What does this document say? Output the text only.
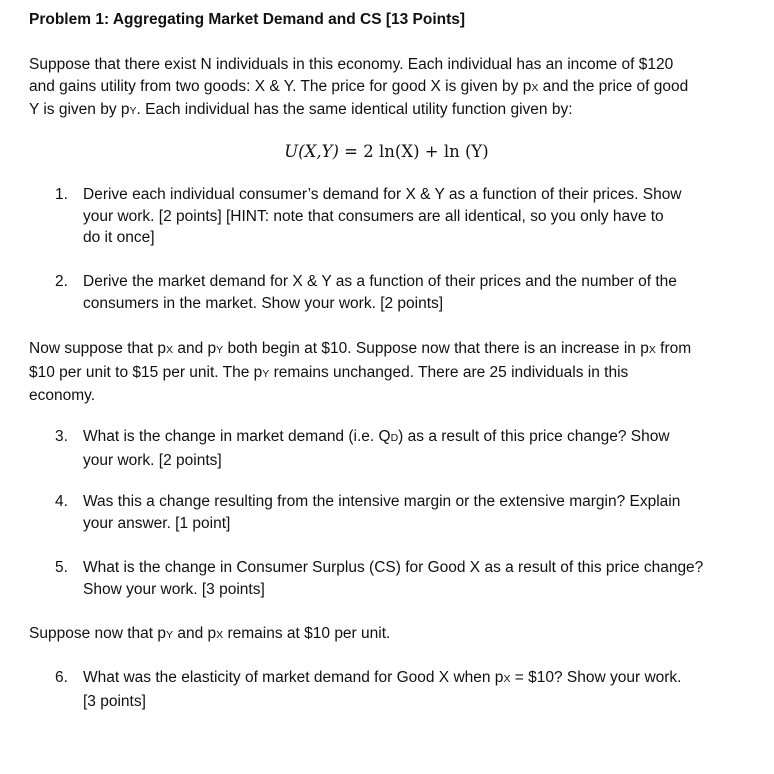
Problem 1: Aggregating Market Demand and CS [13 Points]
Suppose that there exist N individuals in this economy. Each individual has an income of $120
and gains utility from two goods: X & Y. The price for good X is given by pX and the price of good
Y is given by pY. Each individual has the same identical utility function given by:
U(X,Y) = 2 ln(X) + ln (Y)
1. Derive each individual consumer’s demand for X & Y as a function of their prices. Show
your work. [2 points] [HINT: note that consumers are all identical, so you only have to
do it once]
2. Derive the market demand for X & Y as a function of their prices and the number of the
consumers in the market. Show your work. [2 points]
Now suppose that pX and pY both begin at $10. Suppose now that there is an increase in pX from
$10 per unit to $15 per unit. The pY remains unchanged. There are 25 individuals in this
economy.
3. What is the change in market demand (i.e. QD) as a result of this price change? Show
your work. [2 points]
4. Was this a change resulting from the intensive margin or the extensive margin? Explain
your answer. [1 point]
5. What is the change in Consumer Surplus (CS) for Good X as a result of this price change?
Show your work. [3 points]
Suppose now that pY and pX remains at $10 per unit.
6. What was the elasticity of market demand for Good X when pX = $10? Show your work.
[3 points]
